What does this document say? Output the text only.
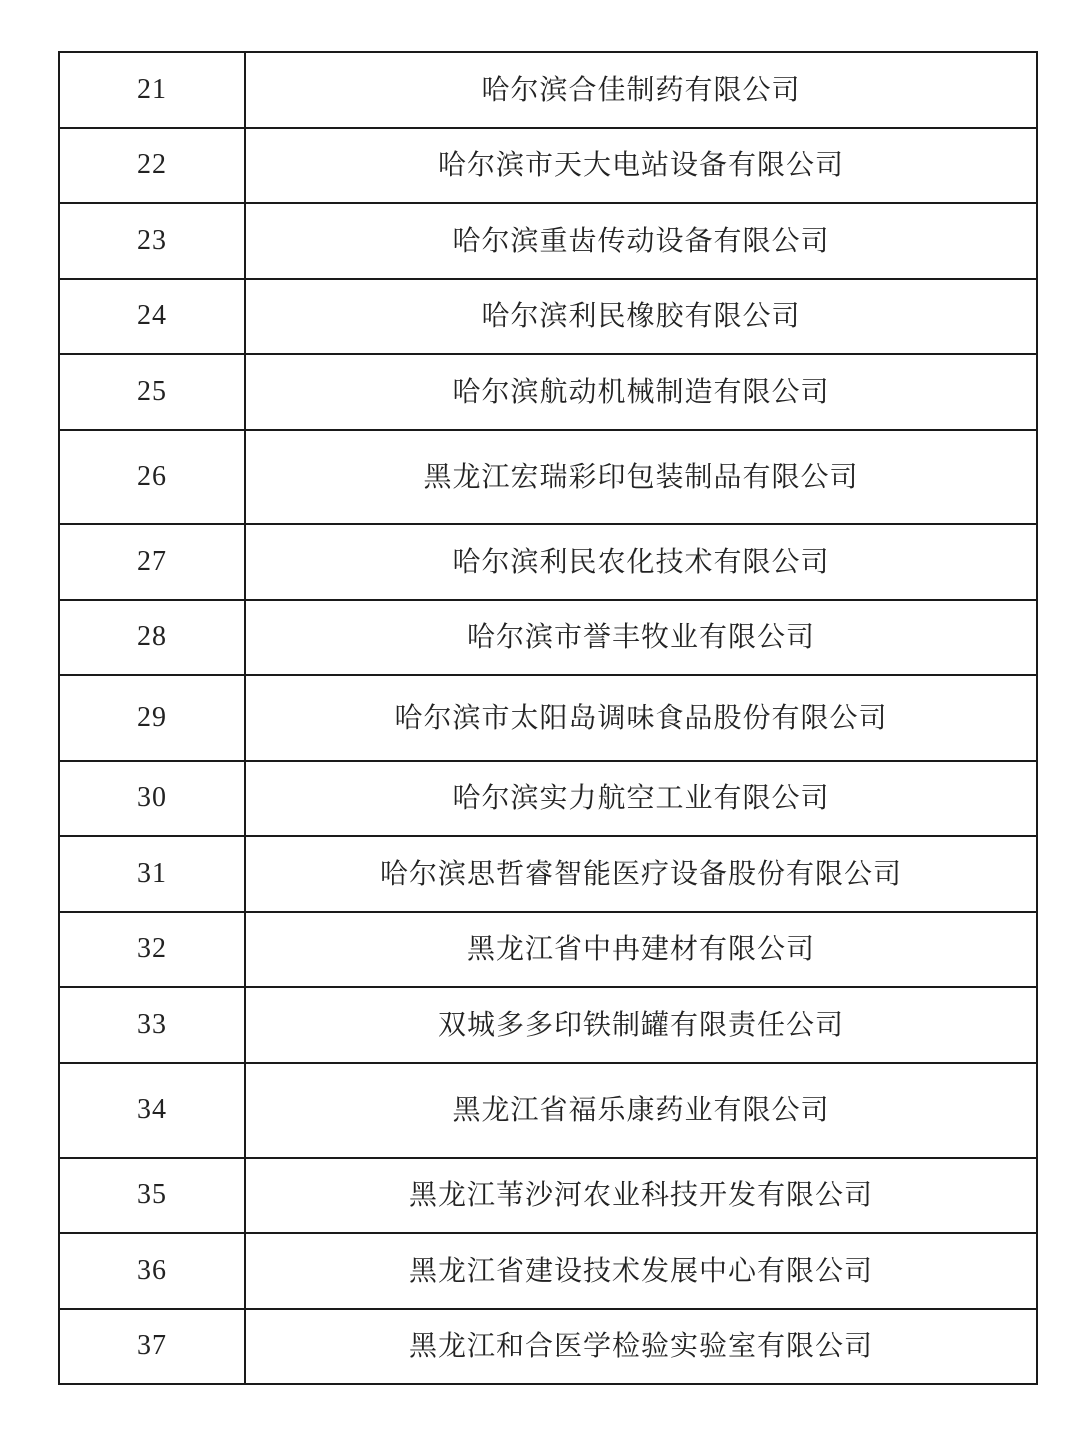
21	哈尔滨合佳制药有限公司
22	哈尔滨市天大电站设备有限公司
23	哈尔滨重齿传动设备有限公司
24	哈尔滨利民橡胶有限公司
25	哈尔滨航动机械制造有限公司
26	黑龙江宏瑞彩印包装制品有限公司
27	哈尔滨利民农化技术有限公司
28	哈尔滨市誉丰牧业有限公司
29	哈尔滨市太阳岛调味食品股份有限公司
30	哈尔滨实力航空工业有限公司
31	哈尔滨思哲睿智能医疗设备股份有限公司
32	黑龙江省中冉建材有限公司
33	双城多多印铁制罐有限责任公司
34	黑龙江省福乐康药业有限公司
35	黑龙江苇沙河农业科技开发有限公司
36	黑龙江省建设技术发展中心有限公司
37	黑龙江和合医学检验实验室有限公司
